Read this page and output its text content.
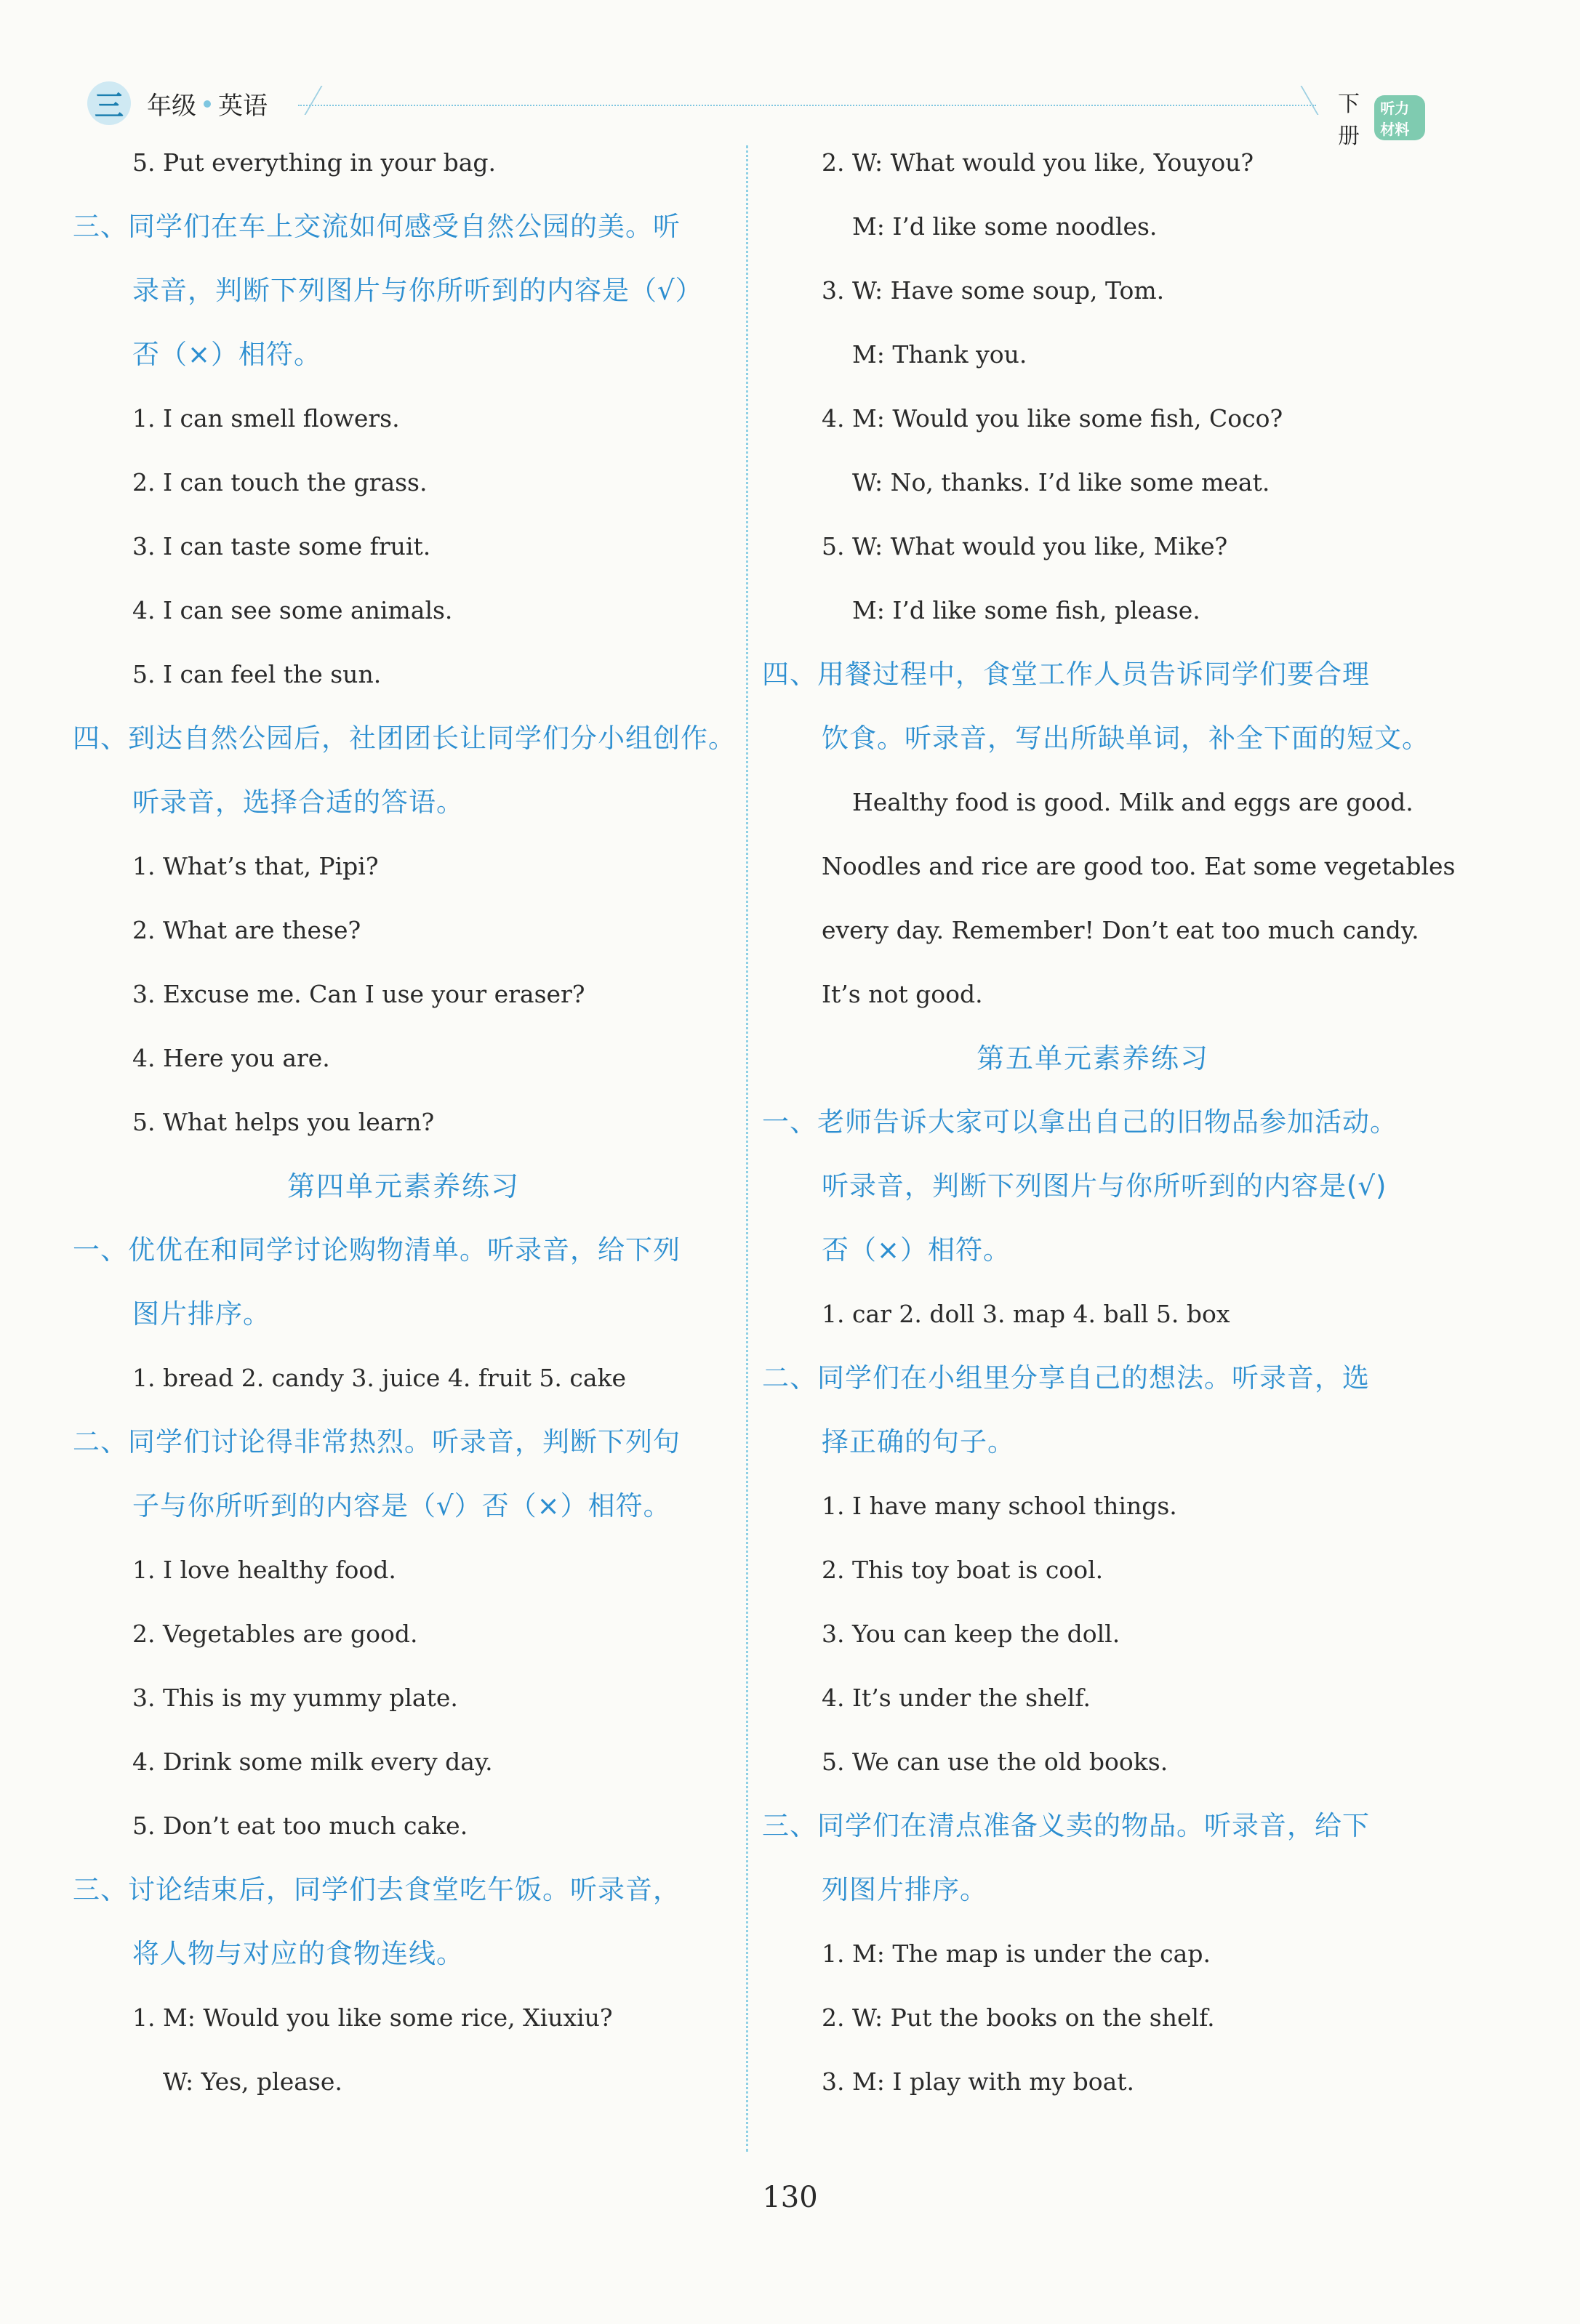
三 年级 英语	下册
听力材料
5. Put everything in your bag.
三、同学们在车上交流如何感受自然公园的美。听
录音，判断下列图片与你所听到的内容是（√）
否（×）相符。
1. I can smell flowers.
2. I can touch the grass.
3. I can taste some fruit.
4. I can see some animals.
5. I can feel the sun.
四、到达自然公园后，社团团长让同学们分小组创作。
听录音，选择合适的答语。
1. What’s that, Pipi?
2. What are these?
3. Excuse me. Can I use your eraser?
4. Here you are.
5. What helps you learn?
第四单元素养练习
一、优优在和同学讨论购物清单。听录音，给下列
图片排序。
1. bread 2. candy 3. juice 4. fruit 5. cake
二、同学们讨论得非常热烈。听录音，判断下列句
子与你所听到的内容是（√）否（×）相符。
1. I love healthy food.
2. Vegetables are good.
3. This is my yummy plate.
4. Drink some milk every day.
5. Don’t eat too much cake.
三、讨论结束后，同学们去食堂吃午饭。听录音，
将人物与对应的食物连线。
1. M: Would you like some rice, Xiuxiu?
W: Yes, please.
2. W: What would you like, Youyou?
M: I’d like some noodles.
3. W: Have some soup, Tom.
M: Thank you.
4. M: Would you like some fish, Coco?
W: No, thanks. I’d like some meat.
5. W: What would you like, Mike?
M: I’d like some fish, please.
四、用餐过程中，食堂工作人员告诉同学们要合理
饮食。听录音，写出所缺单词，补全下面的短文。
Healthy food is good. Milk and eggs are good.
Noodles and rice are good too. Eat some vegetables
every day. Remember! Don’t eat too much candy.
It’s not good.
第五单元素养练习
一、老师告诉大家可以拿出自己的旧物品参加活动。
听录音，判断下列图片与你所听到的内容是(√)
否（×）相符。
1. car 2. doll 3. map 4. ball 5. box
二、同学们在小组里分享自己的想法。听录音，选
择正确的句子。
1. I have many school things.
2. This toy boat is cool.
3. You can keep the doll.
4. It’s under the shelf.
5. We can use the old books.
三、同学们在清点准备义卖的物品。听录音，给下
列图片排序。
1. M: The map is under the cap.
2. W: Put the books on the shelf.
3. M: I play with my boat.
130
